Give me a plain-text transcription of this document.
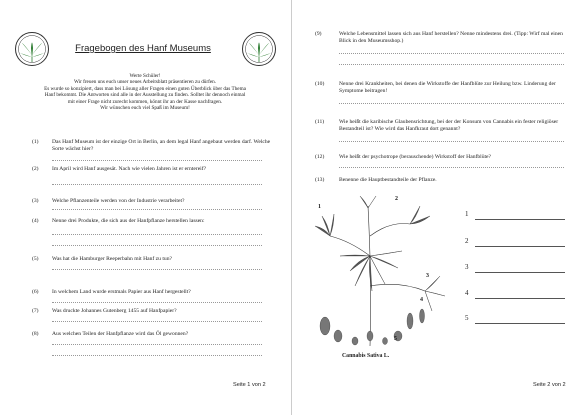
Fragebogen des Hanf Museums
Werte Schüler!
Wir freuen uns euch unser neues Arbeitsblatt präsentieren zu dürfen.
Es wurde so konzipiert, dass man bei Lösung aller Fragen einen guten Überblick über das Thema
Hanf bekommt. Die Antworten sind alle in der Ausstellung zu finden. Solltet ihr dennoch einmal
mit einer Frage nicht zurecht kommen, könnt ihr an der Kasse nachfragen.
Wir wünschen euch viel Spaß im Museum!
(1) Das Hanf Museum ist der einzige Ort in Berlin, an dem legal Hanf angebaut werden darf. Welche Sorte wächst hier?
(2) Im April wird Hanf ausgesät. Nach wie vielen Jahren ist er erntereif?
(3) Welche Pflanzenteile werden von der Industrie verarbeitet?
(4) Nenne drei Produkte, die sich aus der Hanfpflanze herstellen lassen:
(5) Was hat die Hamburger Reeperbahn mit Hanf zu tun?
(6) In welchem Land wurde erstmals Papier aus Hanf hergestellt?
(7) Was druckte Johannes Gutenberg 1455 auf Hanfpapier?
(8) Aus welchen Teilen der Hanfpflanze wird das Öl gewonnen?
Seite 1 von 2
(9)	Welche Lebensmittel lassen sich aus Hanf herstellen? Nenne mindestens drei. (Tipp: Wirf mal einen Blick in den Museumsshop.)
(10)	Nenne drei Krankheiten, bei denen die Wirkstoffe der Hanfblüte zur Heilung bzw. Linderung der Symptome beitragen!
(11)	Wie heißt die karibische Glaubensrichtung, bei der der Konsum von Cannabis ein fester religiöser Bestandteil ist? Wie wird das Hanfkraut dort genannt?
(12)	Wie heißt der psychotrope (berauschende) Wirkstoff der Hanfblüte?
(13)	Benenne die Hauptbestandteile der Pflanze.
1
2
3
4
5
Cannabis Sativa L.
1
2
3
4
5
Seite 2 von 2
